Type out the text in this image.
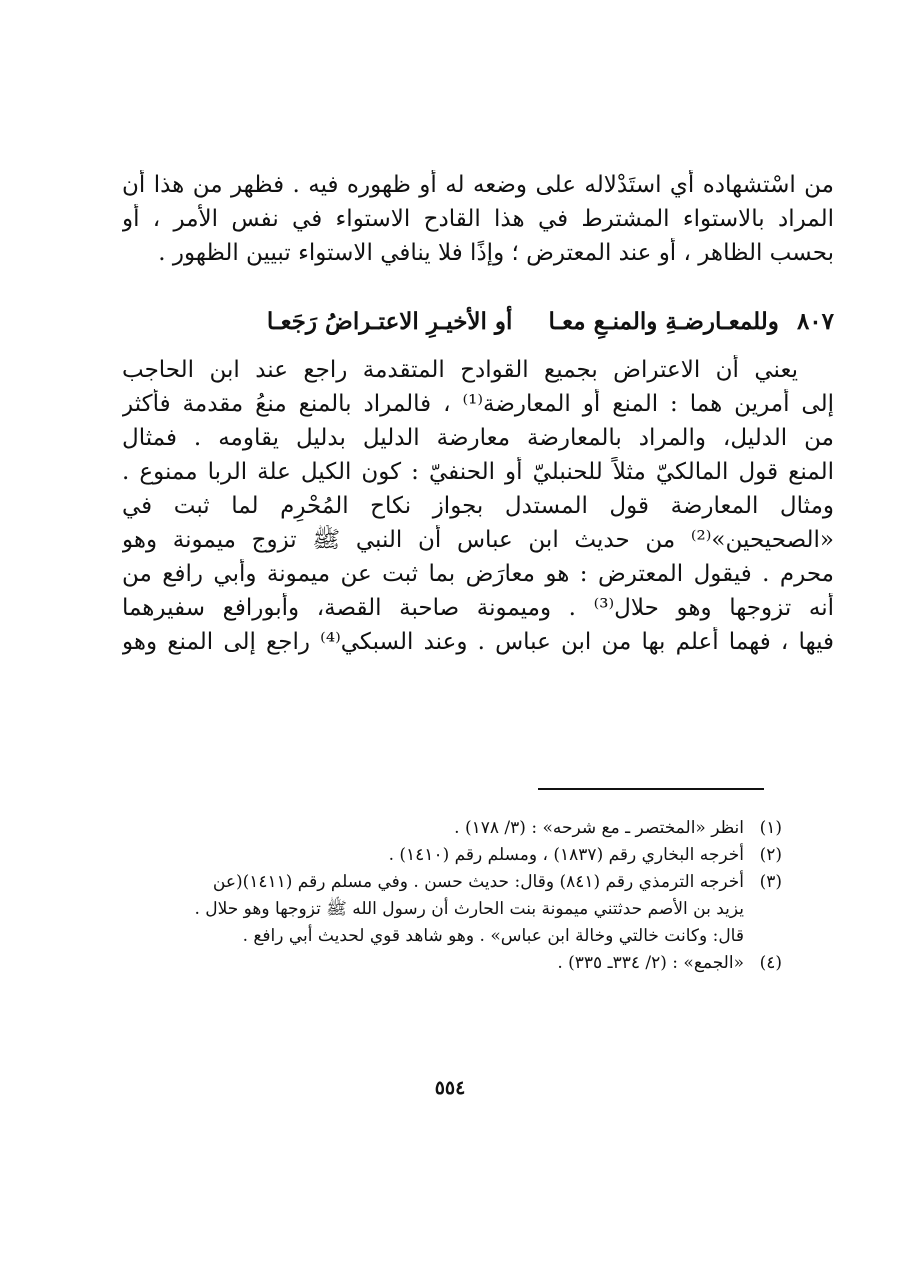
من اسْتشهاده أي استَدْلاله على وضعه له أو ظهوره فيه . فظهر من هذا أن
المراد بالاستواء المشترط في هذا القادح الاستواء في نفس الأمر ، أو
بحسب الظاهر ، أو عند المعترض ؛ وإذًا فلا ينافي الاستواء تبيين الظهور .
٨٠٧ وللمعـارضـةِ والمنـعِ معـا أو الأخيـرِ الاعتـراضُ رَجَعـا
يعني أن الاعتراض بجميع القوادح المتقدمة راجع عند ابن الحاجب
إلى أمرين هما : المنع أو المعارضة⁽¹⁾ ، فالمراد بالمنع منعُ مقدمة فأكثر
من الدليل، والمراد بالمعارضة معارضة الدليل بدليل يقاومه . فمثال
المنع قول المالكيّ مثلاً للحنبليّ أو الحنفيّ : كون الكيل علة الربا ممنوع .
ومثال المعارضة قول المستدل بجواز نكاح المُحْرِم لما ثبت في
«الصحيحين»⁽²⁾ من حديث ابن عباس أن النبي ﷺ تزوج ميمونة وهو
محرم . فيقول المعترض : هو معارَض بما ثبت عن ميمونة وأبي رافع من
أنه تزوجها وهو حلال⁽³⁾ . وميمونة صاحبة القصة، وأبورافع سفيرهما
فيها ، فهما أعلم بها من ابن عباس . وعند السبكي⁽⁴⁾ راجع إلى المنع وهو
(١)
انظر «المختصر ـ مع شرحه» : (٣/ ١٧٨) .
(٢)
أخرجه البخاري رقم (١٨٣٧) ، ومسلم رقم (١٤١٠) .
(٣)
أخرجه الترمذي رقم (٨٤١) وقال: حديث حسن . وفي مسلم رقم (١٤١١)(عن
يزيد بن الأصم حدثتني ميمونة بنت الحارث أن رسول الله ﷺ تزوجها وهو حلال .
قال: وكانت خالتي وخالة ابن عباس» . وهو شاهد قوي لحديث أبي رافع .
(٤)
«الجمع» : (٢/ ٣٣٤ـ ٣٣٥) .
٥٥٤
